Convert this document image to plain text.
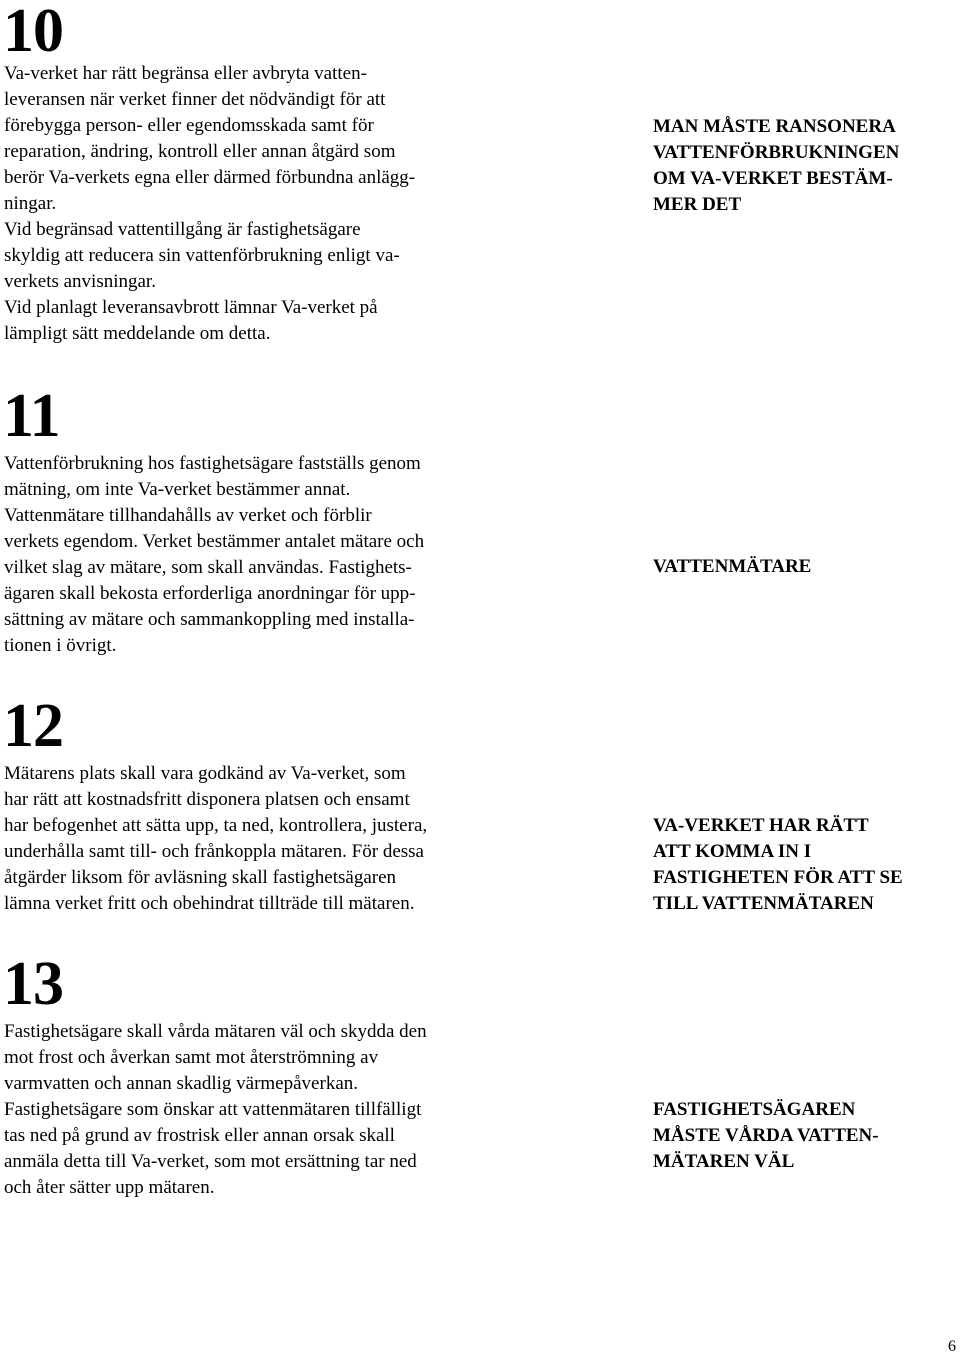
10
Va-verket har rätt begränsa eller avbryta vatten-
leveransen när verket finner det nödvändigt för att
förebygga person- eller egendomsskada samt för
reparation, ändring, kontroll eller annan åtgärd som
berör Va-verkets egna eller därmed förbundna anlägg-
ningar.
Vid begränsad vattentillgång är fastighetsägare
skyldig att reducera sin vattenförbrukning enligt va-
verkets anvisningar.
Vid planlagt leveransavbrott lämnar Va-verket på
lämpligt sätt meddelande om detta.
MAN MÅSTE RANSONERA
VATTENFÖRBRUKNINGEN
OM VA-VERKET BESTÄM-
MER DET
11
Vattenförbrukning hos fastighetsägare fastställs genom
mätning, om inte Va-verket bestämmer annat.
Vattenmätare tillhandahålls av verket och förblir
verkets egendom. Verket bestämmer antalet mätare och
vilket slag av mätare, som skall användas. Fastighets-
ägaren skall bekosta erforderliga anordningar för upp-
sättning av mätare och sammankoppling med installa-
tionen i övrigt.
VATTENMÄTARE
12
Mätarens plats skall vara godkänd av Va-verket, som
har rätt att kostnadsfritt disponera platsen och ensamt
har befogenhet att sätta upp, ta ned, kontrollera, justera,
underhålla samt till- och frånkoppla mätaren. För dessa
åtgärder liksom för avläsning skall fastighetsägaren
lämna verket fritt och obehindrat tillträde till mätaren.
VA-VERKET HAR RÄTT
ATT KOMMA IN I
FASTIGHETEN FÖR ATT SE
TILL VATTENMÄTAREN
13
Fastighetsägare skall vårda mätaren väl och skydda den
mot frost och åverkan samt mot återströmning av
varmvatten och annan skadlig värmepåverkan.
Fastighetsägare som önskar att vattenmätaren tillfälligt
tas ned på grund av frostrisk eller annan orsak skall
anmäla detta till Va-verket, som mot ersättning tar ned
och åter sätter upp mätaren.
FASTIGHETSÄGAREN
MÅSTE VÅRDA VATTEN-
MÄTAREN VÄL
6
